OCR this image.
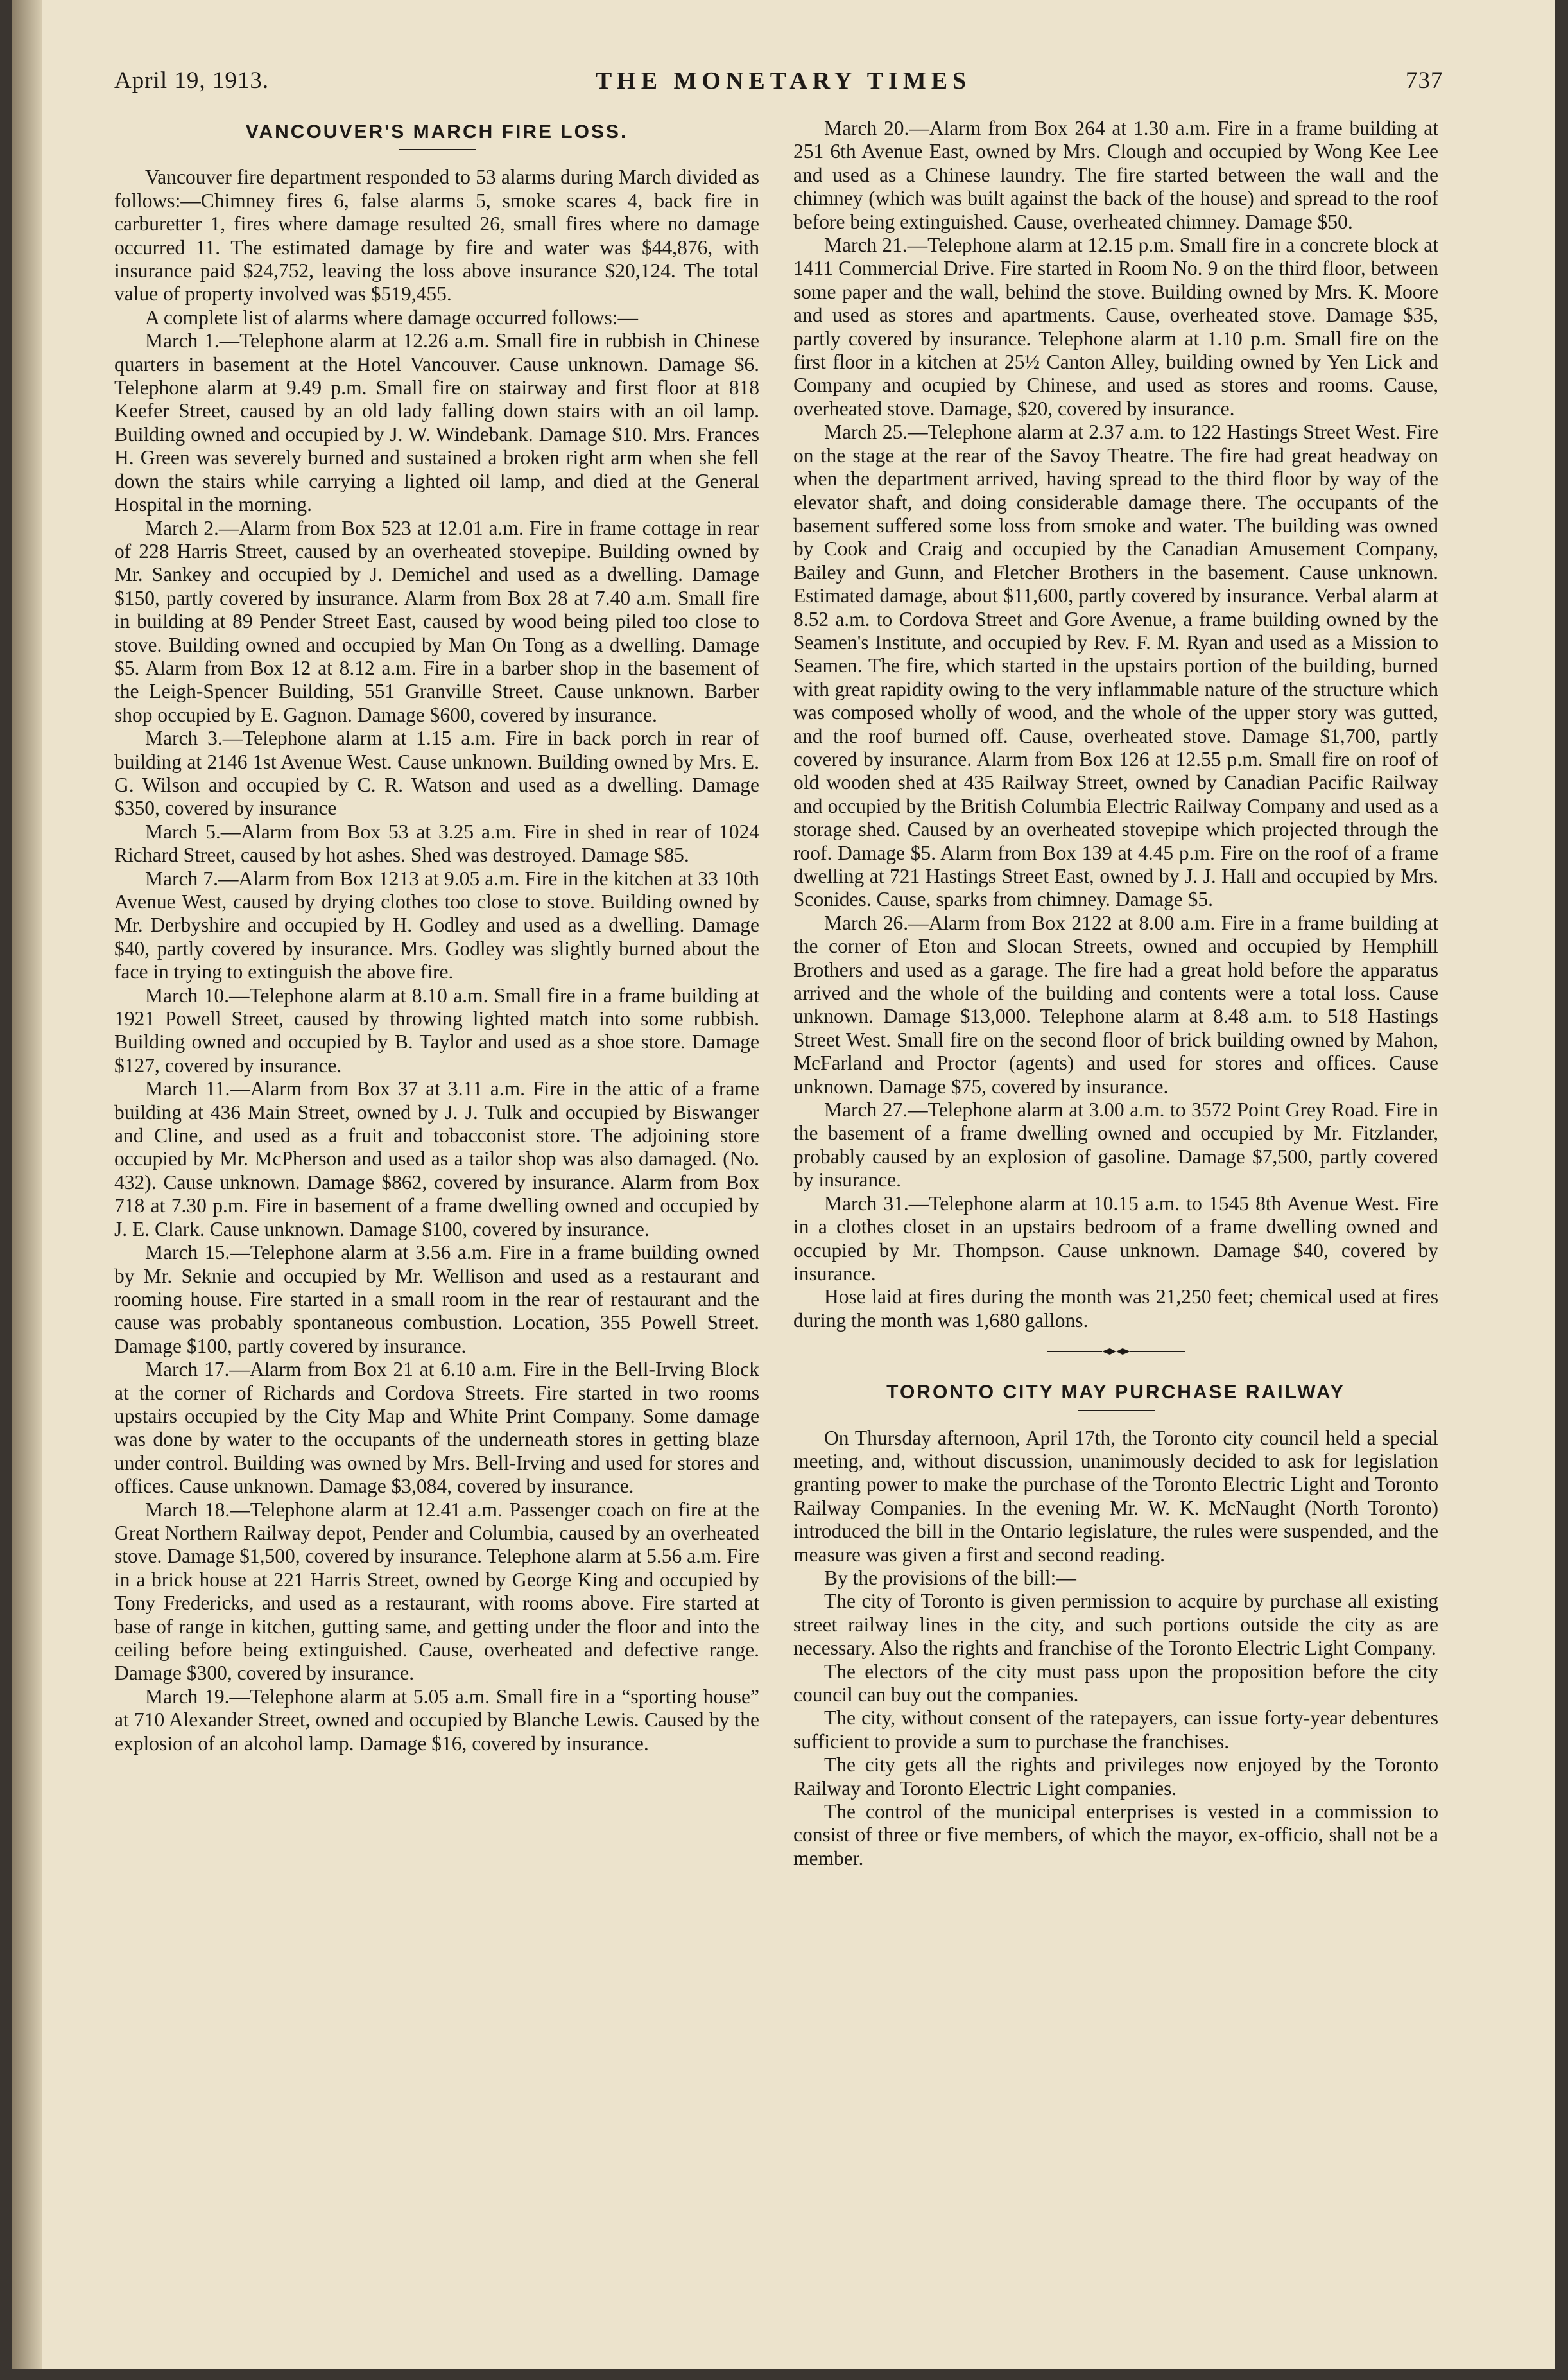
April 19, 1913.	THE MONETARY TIMES	737
VANCOUVER'S MARCH FIRE LOSS.

Vancouver fire department responded to 53 alarms during March divided as follows:—Chimney fires 6, false alarms 5, smoke scares 4, back fire in carburetter 1, fires where damage resulted 26, small fires where no damage occurred 11. The estimated damage by fire and water was $44,876, with insurance paid $24,752, leaving the loss above insurance $20,124. The total value of property involved was $519,455.

A complete list of alarms where damage occurred follows:—

March 1.—Telephone alarm at 12.26 a.m. Small fire in rubbish in Chinese quarters in basement at the Hotel Vancouver. Cause unknown. Damage $6. Telephone alarm at 9.49 p.m. Small fire on stairway and first floor at 818 Keefer Street, caused by an old lady falling down stairs with an oil lamp. Building owned and occupied by J. W. Windebank. Damage $10. Mrs. Frances H. Green was severely burned and sustained a broken right arm when she fell down the stairs while carrying a lighted oil lamp, and died at the General Hospital in the morning.

March 2.—Alarm from Box 523 at 12.01 a.m. Fire in frame cottage in rear of 228 Harris Street, caused by an overheated stovepipe. Building owned by Mr. Sankey and occupied by J. Demichel and used as a dwelling. Damage $150, partly covered by insurance. Alarm from Box 28 at 7.40 a.m. Small fire in building at 89 Pender Street East, caused by wood being piled too close to stove. Building owned and occupied by Man On Tong as a dwelling. Damage $5. Alarm from Box 12 at 8.12 a.m. Fire in a barber shop in the basement of the Leigh-Spencer Building, 551 Granville Street. Cause unknown. Barber shop occupied by E. Gagnon. Damage $600, covered by insurance.

March 3.—Telephone alarm at 1.15 a.m. Fire in back porch in rear of building at 2146 1st Avenue West. Cause unknown. Building owned by Mrs. E. G. Wilson and occupied by C. R. Watson and used as a dwelling. Damage $350, covered by insurance

March 5.—Alarm from Box 53 at 3.25 a.m. Fire in shed in rear of 1024 Richard Street, caused by hot ashes. Shed was destroyed. Damage $85.

March 7.—Alarm from Box 1213 at 9.05 a.m. Fire in the kitchen at 33 10th Avenue West, caused by drying clothes too close to stove. Building owned by Mr. Derbyshire and occupied by H. Godley and used as a dwelling. Damage $40, partly covered by insurance. Mrs. Godley was slightly burned about the face in trying to extinguish the above fire.

March 10.—Telephone alarm at 8.10 a.m. Small fire in a frame building at 1921 Powell Street, caused by throwing lighted match into some rubbish. Building owned and occupied by B. Taylor and used as a shoe store. Damage $127, covered by insurance.

March 11.—Alarm from Box 37 at 3.11 a.m. Fire in the attic of a frame building at 436 Main Street, owned by J. J. Tulk and occupied by Biswanger and Cline, and used as a fruit and tobacconist store. The adjoining store occupied by Mr. McPherson and used as a tailor shop was also damaged. (No. 432). Cause unknown. Damage $862, covered by insurance. Alarm from Box 718 at 7.30 p.m. Fire in basement of a frame dwelling owned and occupied by J. E. Clark. Cause unknown. Damage $100, covered by insurance.

March 15.—Telephone alarm at 3.56 a.m. Fire in a frame building owned by Mr. Seknie and occupied by Mr. Wellison and used as a restaurant and rooming house. Fire started in a small room in the rear of restaurant and the cause was probably spontaneous combustion. Location, 355 Powell Street. Damage $100, partly covered by insurance.

March 17.—Alarm from Box 21 at 6.10 a.m. Fire in the Bell-Irving Block at the corner of Richards and Cordova Streets. Fire started in two rooms upstairs occupied by the City Map and White Print Company. Some damage was done by water to the occupants of the underneath stores in getting blaze under control. Building was owned by Mrs. Bell-Irving and used for stores and offices. Cause unknown. Damage $3,084, covered by insurance.

March 18.—Telephone alarm at 12.41 a.m. Passenger coach on fire at the Great Northern Railway depot, Pender and Columbia, caused by an overheated stove. Damage $1,500, covered by insurance. Telephone alarm at 5.56 a.m. Fire in a brick house at 221 Harris Street, owned by George King and occupied by Tony Fredericks, and used as a restaurant, with rooms above. Fire started at base of range in kitchen, gutting same, and getting under the floor and into the ceiling before being extinguished. Cause, overheated and defective range. Damage $300, covered by insurance.

March 19.—Telephone alarm at 5.05 a.m. Small fire in a “sporting house” at 710 Alexander Street, owned and occupied by Blanche Lewis. Caused by the explosion of an alcohol lamp. Damage $16, covered by insurance.

March 20.—Alarm from Box 264 at 1.30 a.m. Fire in a frame building at 251 6th Avenue East, owned by Mrs. Clough and occupied by Wong Kee Lee and used as a Chinese laundry. The fire started between the wall and the chimney (which was built against the back of the house) and spread to the roof before being extinguished. Cause, overheated chimney. Damage $50.

March 21.—Telephone alarm at 12.15 p.m. Small fire in a concrete block at 1411 Commercial Drive. Fire started in Room No. 9 on the third floor, between some paper and the wall, behind the stove. Building owned by Mrs. K. Moore and used as stores and apartments. Cause, overheated stove. Damage $35, partly covered by insurance. Telephone alarm at 1.10 p.m. Small fire on the first floor in a kitchen at 25½ Canton Alley, building owned by Yen Lick and Company and ocupied by Chinese, and used as stores and rooms. Cause, overheated stove. Damage, $20, covered by insurance.

March 25.—Telephone alarm at 2.37 a.m. to 122 Hastings Street West. Fire on the stage at the rear of the Savoy Theatre. The fire had great headway on when the department arrived, having spread to the third floor by way of the elevator shaft, and doing considerable damage there. The occupants of the basement suffered some loss from smoke and water. The building was owned by Cook and Craig and occupied by the Canadian Amusement Company, Bailey and Gunn, and Fletcher Brothers in the basement. Cause unknown. Estimated damage, about $11,600, partly covered by insurance. Verbal alarm at 8.52 a.m. to Cordova Street and Gore Avenue, a frame building owned by the Seamen's Institute, and occupied by Rev. F. M. Ryan and used as a Mission to Seamen. The fire, which started in the upstairs portion of the building, burned with great rapidity owing to the very inflammable nature of the structure which was composed wholly of wood, and the whole of the upper story was gutted, and the roof burned off. Cause, overheated stove. Damage $1,700, partly covered by insurance. Alarm from Box 126 at 12.55 p.m. Small fire on roof of old wooden shed at 435 Railway Street, owned by Canadian Pacific Railway and occupied by the British Columbia Electric Railway Company and used as a storage shed. Caused by an overheated stovepipe which projected through the roof. Damage $5. Alarm from Box 139 at 4.45 p.m. Fire on the roof of a frame dwelling at 721 Hastings Street East, owned by J. J. Hall and occupied by Mrs. Sconides. Cause, sparks from chimney. Damage $5.

March 26.—Alarm from Box 2122 at 8.00 a.m. Fire in a frame building at the corner of Eton and Slocan Streets, owned and occupied by Hemphill Brothers and used as a garage. The fire had a great hold before the apparatus arrived and the whole of the building and contents were a total loss. Cause unknown. Damage $13,000. Telephone alarm at 8.48 a.m. to 518 Hastings Street West. Small fire on the second floor of brick building owned by Mahon, McFarland and Proctor (agents) and used for stores and offices. Cause unknown. Damage $75, covered by insurance.

March 27.—Telephone alarm at 3.00 a.m. to 3572 Point Grey Road. Fire in the basement of a frame dwelling owned and occupied by Mr. Fitzlander, probably caused by an explosion of gasoline. Damage $7,500, partly covered by insurance.

March 31.—Telephone alarm at 10.15 a.m. to 1545 8th Avenue West. Fire in a clothes closet in an upstairs bedroom of a frame dwelling owned and occupied by Mr. Thompson. Cause unknown. Damage $40, covered by insurance.

Hose laid at fires during the month was 21,250 feet; chemical used at fires during the month was 1,680 gallons.

TORONTO CITY MAY PURCHASE RAILWAY

On Thursday afternoon, April 17th, the Toronto city council held a special meeting, and, without discussion, unanimously decided to ask for legislation granting power to make the purchase of the Toronto Electric Light and Toronto Railway Companies. In the evening Mr. W. K. McNaught (North Toronto) introduced the bill in the Ontario legislature, the rules were suspended, and the measure was given a first and second reading.

By the provisions of the bill:—

The city of Toronto is given permission to acquire by purchase all existing street railway lines in the city, and such portions outside the city as are necessary. Also the rights and franchise of the Toronto Electric Light Company.

The electors of the city must pass upon the proposition before the city council can buy out the companies.

The city, without consent of the ratepayers, can issue forty-year debentures sufficient to provide a sum to purchase the franchises.

The city gets all the rights and privileges now enjoyed by the Toronto Railway and Toronto Electric Light companies.

The control of the municipal enterprises is vested in a commission to consist of three or five members, of which the mayor, ex-officio, shall not be a member.
